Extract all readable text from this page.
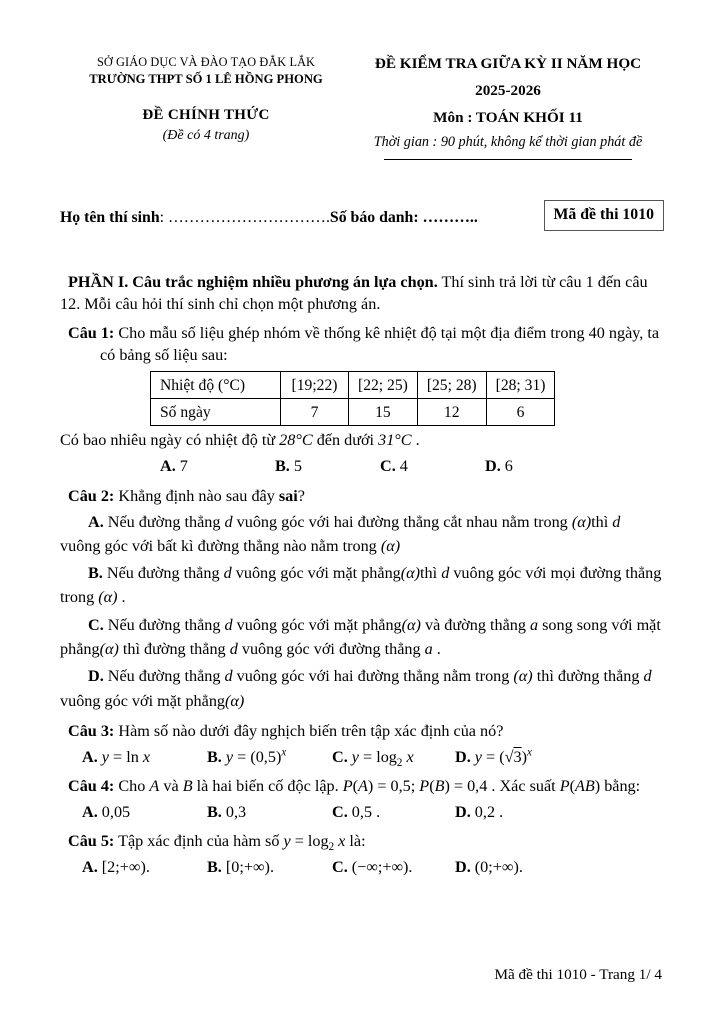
SỞ GIÁO DỤC VÀ ĐÀO TẠO ĐẮK LẮK
TRƯỜNG THPT SỐ 1 LÊ HỒNG PHONG
ĐỀ CHÍNH THỨC
(Đề có 4 trang)
ĐỀ KIỂM TRA GIỮA KỲ II NĂM HỌC
2025-2026
Môn : TOÁN KHỐI 11
Thời gian : 90 phút, không kể thời gian phát đề
Họ tên thí sinh: ………………………….Số báo danh: ………..	Mã đề thi 1010

PHẦN I. Câu trắc nghiệm nhiều phương án lựa chọn. Thí sinh trả lời từ câu 1 đến câu 12. Mỗi câu hỏi thí sinh chỉ chọn một phương án.

Câu 1: Cho mẫu số liệu ghép nhóm về thống kê nhiệt độ tại một địa điểm trong 40 ngày, ta có bảng số liệu sau:

Nhiệt độ (°C)	[19;22)	[22; 25)	[25; 28)	[28; 31)
Số ngày	7	15	12	6

Có bao nhiêu ngày có nhiệt độ từ 28°C đến dưới 31°C .

A. 7	B. 5	C. 4	D. 6

Câu 2: Khẳng định nào sau đây sai?

A. Nếu đường thẳng d vuông góc với hai đường thẳng cắt nhau nằm trong (α)thì d vuông góc với bất kì đường thẳng nào nằm trong (α)

B. Nếu đường thẳng d vuông góc với mặt phẳng(α)thì d vuông góc với mọi đường thẳng trong (α) .

C. Nếu đường thẳng d vuông góc với mặt phẳng(α) và đường thẳng a song song với mặt phẳng(α) thì đường thẳng d vuông góc với đường thẳng a .

D. Nếu đường thẳng d vuông góc với hai đường thẳng nằm trong (α) thì đường thẳng d vuông góc với mặt phẳng(α)

Câu 3: Hàm số nào dưới đây nghịch biến trên tập xác định của nó?

A. y = ln x	B. $y = (0,5)^x$	C. $y = \log_2 x$	D. $y = (√3)^x$

Câu 4: Cho A và B là hai biến cố độc lập. P(A) = 0,5; P(B) = 0,4 . Xác suất P(AB) bằng:

A. 0,05	B. 0,3	C. 0,5 .	D. 0,2 .

Câu 5: Tập xác định của hàm số $y = \log_2 x$ là:

A. [2;+∞).	B. [0;+∞).	C. (−∞;+∞).	D. (0;+∞).
Mã đề thi 1010 - Trang 1/ 4
